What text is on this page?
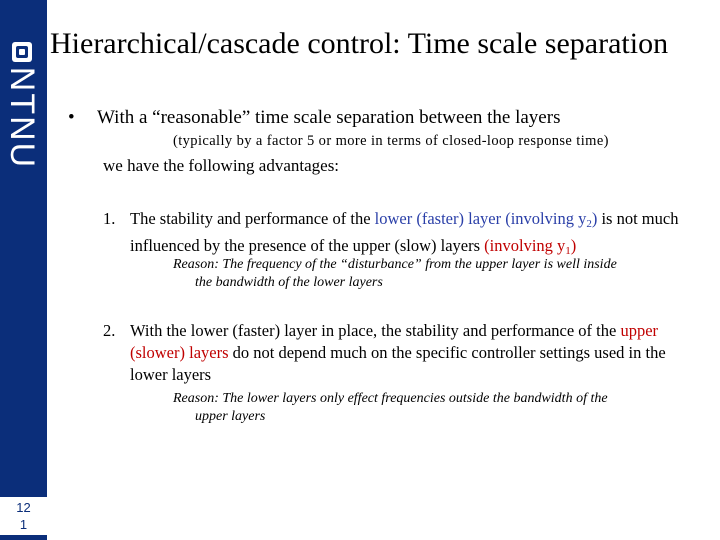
NTNU
12
1
Hierarchical/cascade control: Time scale separation
• With a “reasonable” time scale separation between the layers
(typically by a factor 5 or more in terms of closed-loop response time)
we have the following advantages:
1. The stability and performance of the lower (faster) layer (involving $y_2$) is not much influenced by the presence of the upper (slow) layers (involving $y_1$)
Reason: The frequency of the “disturbance” from the upper layer is well inside
the bandwidth of the lower layers
2. With the lower (faster) layer in place, the stability and performance of the upper (slower) layers do not depend much on the specific controller settings used in the lower layers
Reason: The lower layers only effect frequencies outside the bandwidth of the
upper layers
